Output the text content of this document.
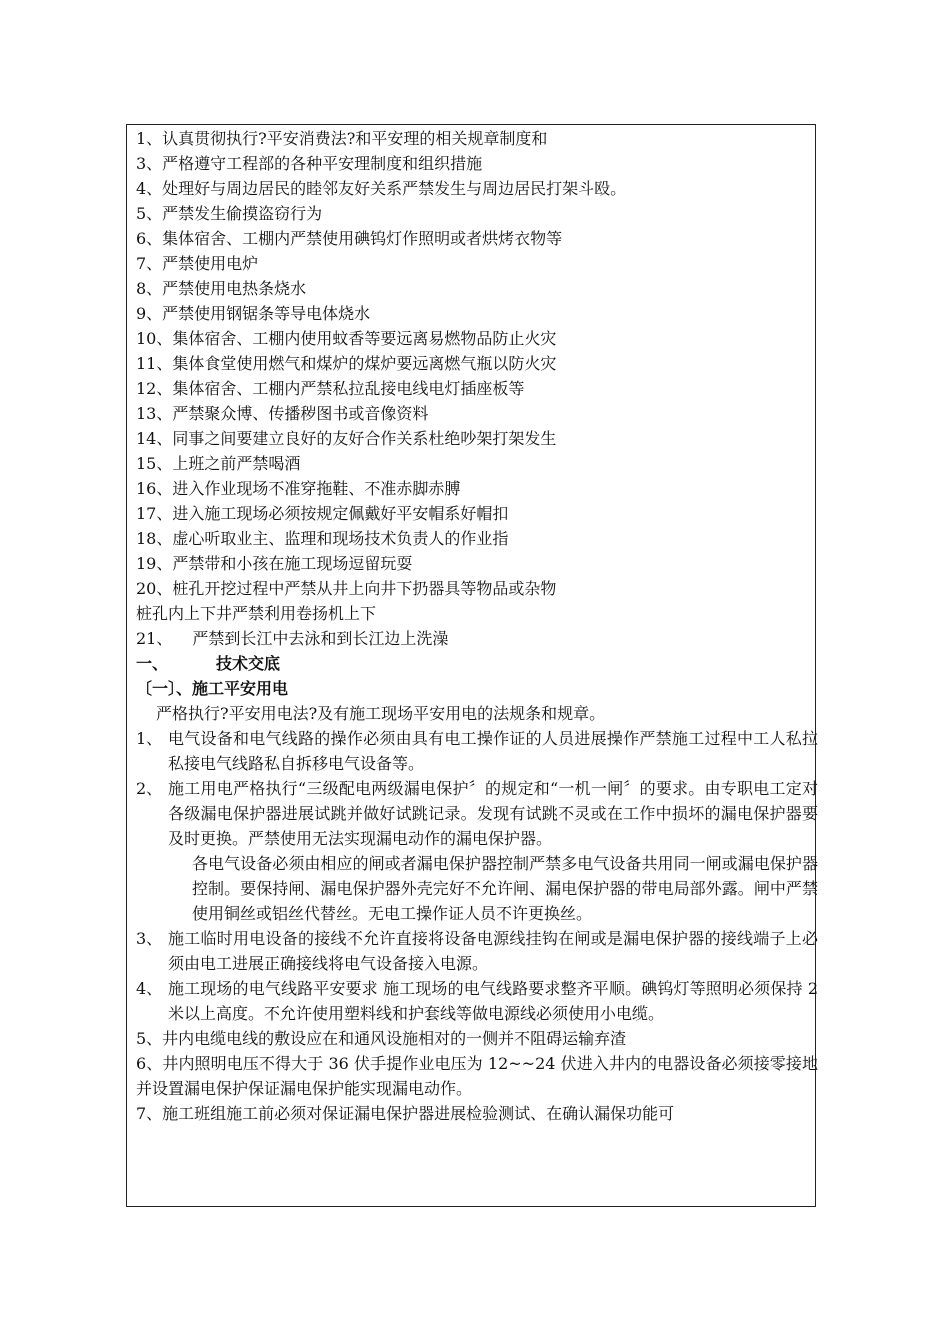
1、认真贯彻执行?平安消费法?和平安理的相关规章制度和
3、严格遵守工程部的各种平安理制度和组织措施
4、处理好与周边居民的睦邻友好关系严禁发生与周边居民打架斗殴。
5、严禁发生偷摸盗窃行为
6、集体宿舍、工棚内严禁使用碘钨灯作照明或者烘烤衣物等
7、严禁使用电炉
8、严禁使用电热条烧水
9、严禁使用钢锯条等导电体烧水
10、集体宿舍、工棚内使用蚊香等要远离易燃物品防止火灾
11、集体食堂使用燃气和煤炉的煤炉要远离燃气瓶以防火灾
12、集体宿舍、工棚内严禁私拉乱接电线电灯插座板等
13、严禁聚众博、传播秽图书或音像资料
14、同事之间要建立良好的友好合作关系杜绝吵架打架发生
15、上班之前严禁喝酒
16、进入作业现场不准穿拖鞋、不准赤脚赤膊
17、进入施工现场必须按规定佩戴好平安帽系好帽扣
18、虚心听取业主、监理和现场技术负责人的作业指
19、严禁带和小孩在施工现场逗留玩耍
20、桩孔开挖过程中严禁从井上向井下扔器具等物品或杂物
桩孔内上下井严禁利用卷扬机上下
21、 严禁到长江中去泳和到长江边上洗澡
一、	技术交底
〔一〕、施工平安用电
严格执行?平安用电法?及有施工现场平安用电的法规条和规章。
1、 电气设备和电气线路的操作必须由具有电工操作证的人员进展操作严禁施工过程中工人私拉私接电气线路私自拆移电气设备等。
2、 施工用电严格执行“三级配电两级漏电保护〞的规定和“一机一闸〞的要求。由专职电工定对各级漏电保护器进展试跳并做好试跳记录。发现有试跳不灵或在工作中损坏的漏电保护器要及时更换。严禁使用无法实现漏电动作的漏电保护器。
各电气设备必须由相应的闸或者漏电保护器控制严禁多电气设备共用同一闸或漏电保护器控制。要保持闸、漏电保护器外壳完好不允许闸、漏电保护器的带电局部外露。闸中严禁使用铜丝或铝丝代替丝。无电工操作证人员不许更换丝。
3、 施工临时用电设备的接线不允许直接将设备电源线挂钩在闸或是漏电保护器的接线端子上必须由电工进展正确接线将电气设备接入电源。
4、 施工现场的电气线路平安要求 施工现场的电气线路要求整齐平顺。碘钨灯等照明必须保持 2 米以上高度。不允许使用塑料线和护套线等做电源线必须使用小电缆。
5、井内电缆电线的敷设应在和通风设施相对的一侧并不阻碍运输弃渣
6、井内照明电压不得大于 36 伏手提作业电压为 12~~24 伏进入井内的电器设备必须接零接地并设置漏电保护保证漏电保护能实现漏电动作。
7、施工班组施工前必须对保证漏电保护器进展检验测试、在确认漏保功能可
